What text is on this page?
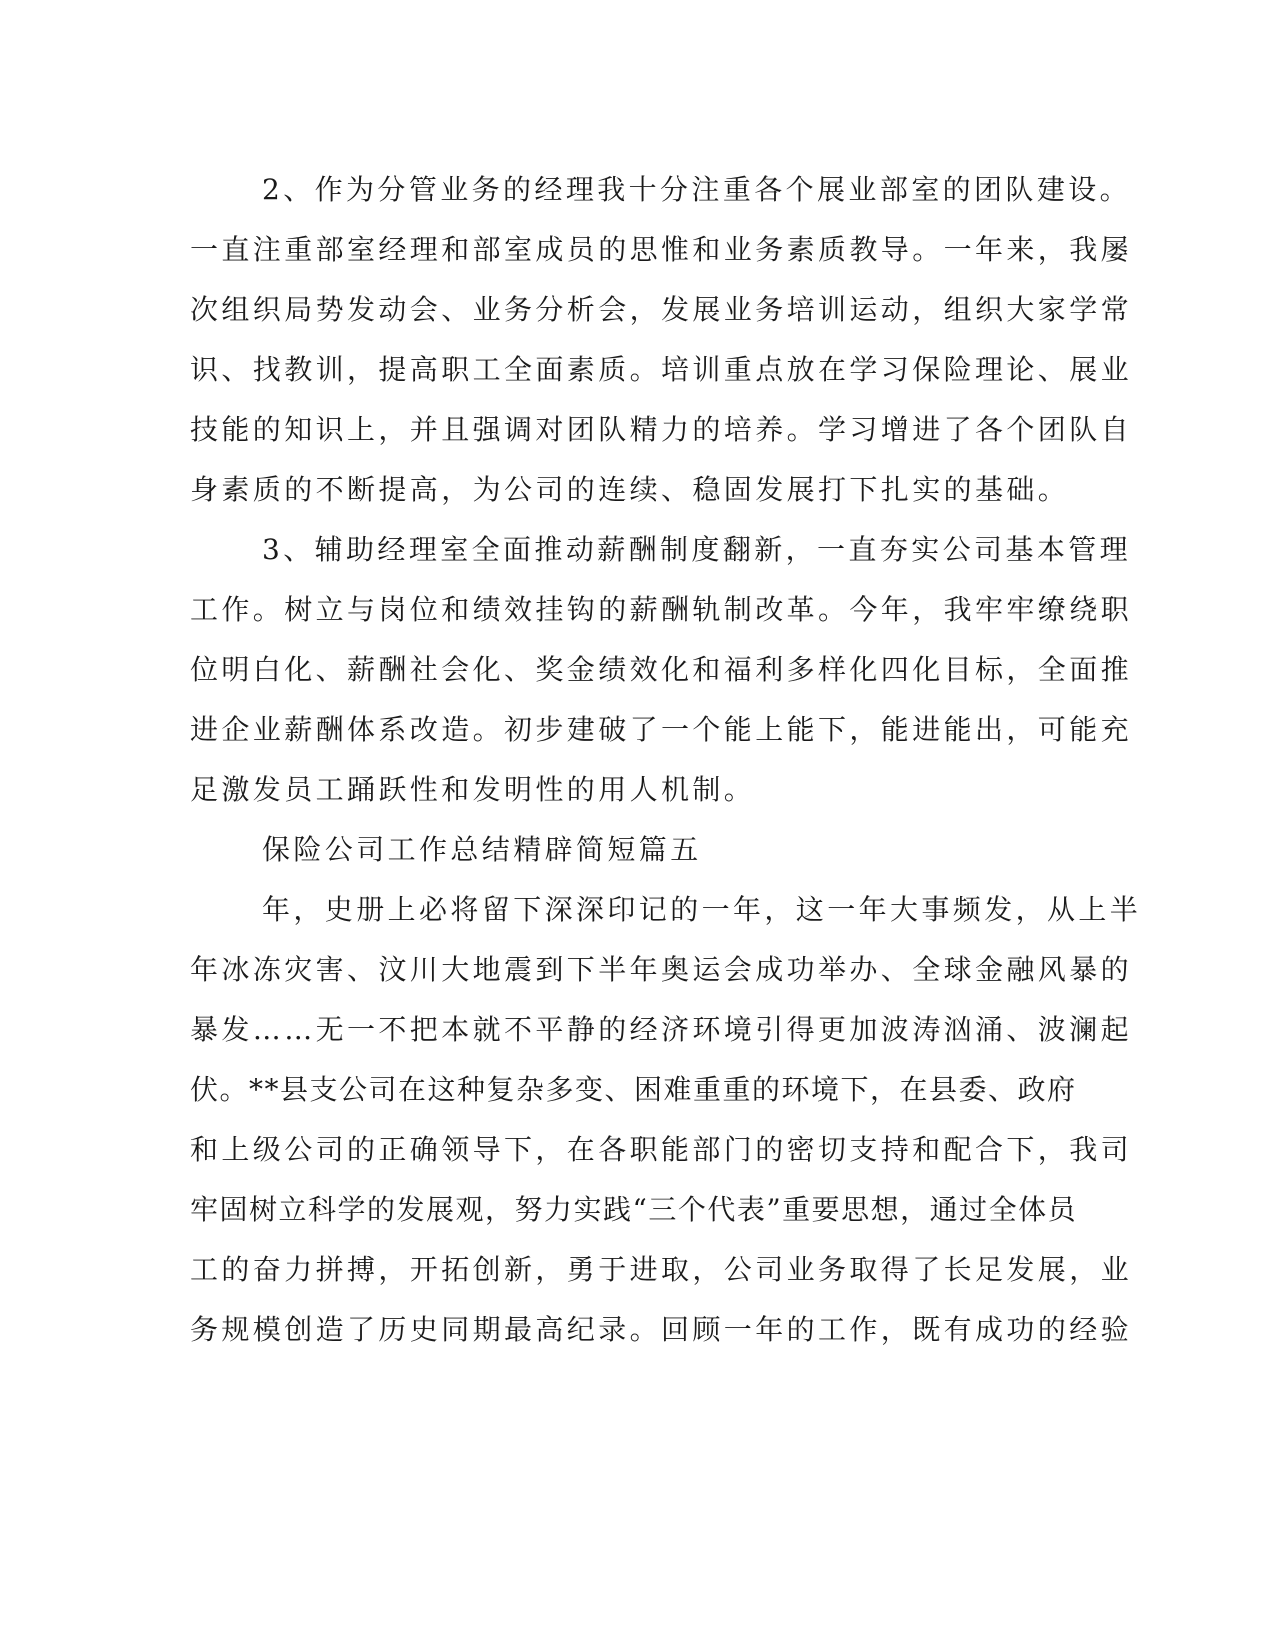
2、作为分管业务的经理我十分注重各个展业部室的团队建设。
一直注重部室经理和部室成员的思惟和业务素质教导。一年来，我屡
次组织局势发动会、业务分析会，发展业务培训运动，组织大家学常
识、找教训，提高职工全面素质。培训重点放在学习保险理论、展业
技能的知识上，并且强调对团队精力的培养。学习增进了各个团队自
身素质的不断提高，为公司的连续、稳固发展打下扎实的基础。

3、辅助经理室全面推动薪酬制度翻新，一直夯实公司基本管理
工作。树立与岗位和绩效挂钩的薪酬轨制改革。今年，我牢牢缭绕职
位明白化、薪酬社会化、奖金绩效化和福利多样化四化目标，全面推
进企业薪酬体系改造。初步建破了一个能上能下，能进能出，可能充
足激发员工踊跃性和发明性的用人机制。

保险公司工作总结精辟简短篇五

年，史册上必将留下深深印记的一年，这一年大事频发，从上半
年冰冻灾害、汶川大地震到下半年奥运会成功举办、全球金融风暴的
暴发……无一不把本就不平静的经济环境引得更加波涛汹涌、波澜起
伏。**县支公司在这种复杂多变、困难重重的环境下，在县委、政府
和上级公司的正确领导下，在各职能部门的密切支持和配合下，我司
牢固树立科学的发展观，努力实践“三个代表”重要思想，通过全体员
工的奋力拼搏，开拓创新，勇于进取，公司业务取得了长足发展，业
务规模创造了历史同期最高纪录。回顾一年的工作，既有成功的经验
